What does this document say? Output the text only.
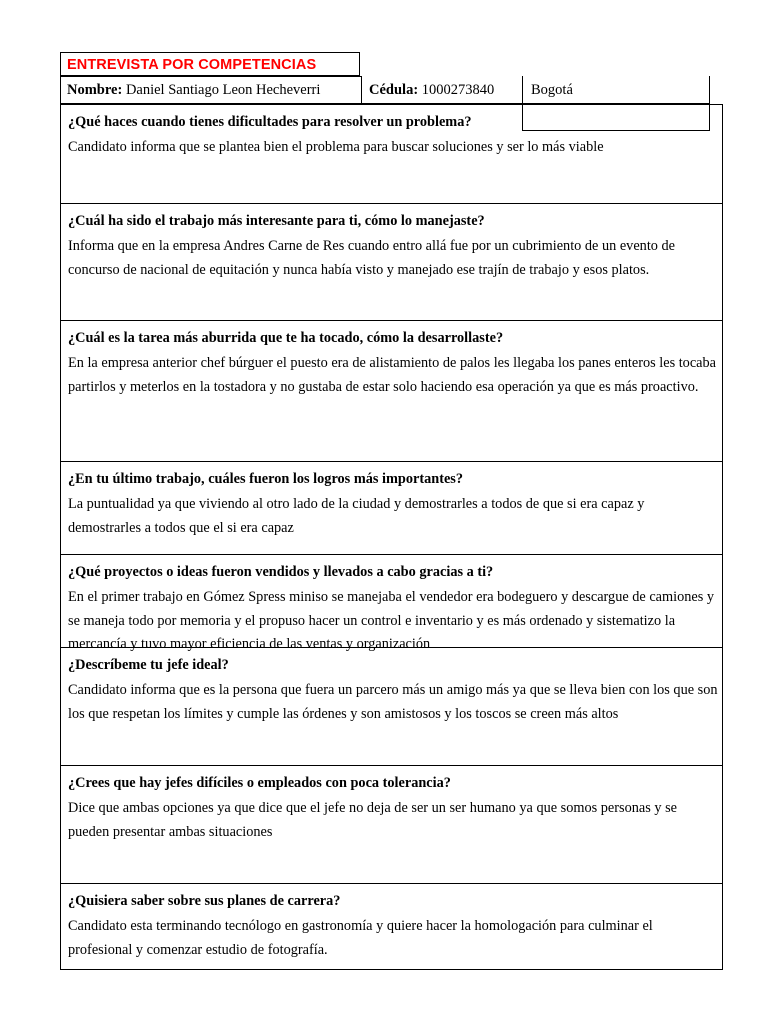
ENTREVISTA POR COMPETENCIAS
Nombre: Daniel Santiago Leon Hecheverri	Cédula: 1000273840	Bogotá
¿Qué haces cuando tienes dificultades para resolver un problema?
Candidato informa que se plantea bien el problema para buscar soluciones y ser lo más viable
¿Cuál ha sido el trabajo más interesante para ti, cómo lo manejaste?
Informa que en la empresa Andres Carne de Res cuando entro allá fue por un cubrimiento de un evento de concurso de nacional de equitación y nunca había visto y manejado ese trajín de trabajo y esos platos.
¿Cuál es la tarea más aburrida que te ha tocado, cómo la desarrollaste?
En la empresa anterior chef búrguer el puesto era de alistamiento de palos les llegaba los panes enteros les tocaba partirlos y meterlos en la tostadora y no gustaba de estar solo haciendo esa operación ya que es más proactivo.
¿En tu último trabajo, cuáles fueron los logros más importantes?
La puntualidad ya que viviendo al otro lado de la ciudad y demostrarles a todos de que si era capaz y demostrarles a todos que el si era capaz
¿Qué proyectos o ideas fueron vendidos y llevados a cabo gracias a ti?
En el primer trabajo en Gómez Spress miniso se manejaba el vendedor era bodeguero y descargue de camiones y se maneja todo por memoria y el propuso hacer un control e inventario y es más ordenado y sistematizo la mercancía y tuvo mayor eficiencia de las ventas y organización
¿Descríbeme tu jefe ideal?
Candidato informa que es la persona que fuera un parcero más un amigo más ya que se lleva bien con los que son los que respetan los límites y cumple las órdenes y son amistosos y los toscos se creen más altos
¿Crees que hay jefes difíciles o empleados con poca tolerancia?
Dice que ambas opciones ya que dice que el jefe no deja de ser un ser humano ya que somos personas y se pueden presentar ambas situaciones
¿Quisiera saber sobre sus planes de carrera?
Candidato esta terminando tecnólogo en gastronomía y quiere hacer la homologación para culminar el profesional y comenzar estudio de fotografía.
